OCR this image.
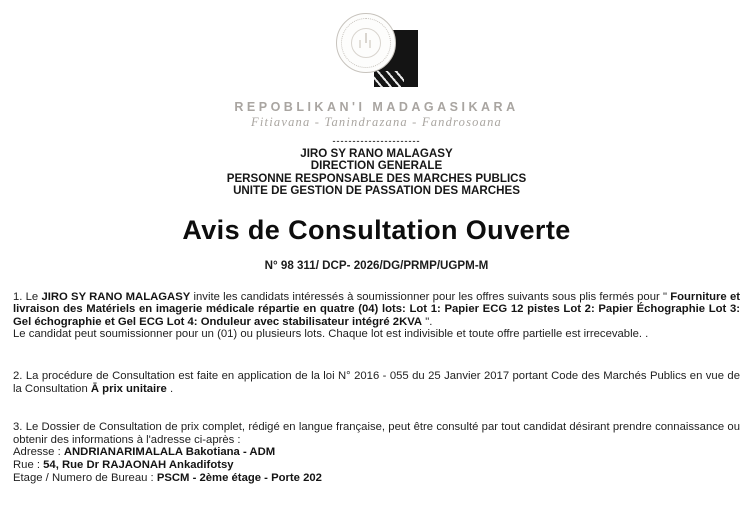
REPOBLIKAN'I MADAGASIKARA
Fitiavana - Tanindrazana - Fandrosoana
----------------------
JIRO SY RANO MALAGASY
DIRECTION GENERALE
PERSONNE RESPONSABLE DES MARCHES PUBLICS
UNITE DE GESTION DE PASSATION DES MARCHES
Avis de Consultation Ouverte
N° 98 311/ DCP- 2026/DG/PRMP/UGPM-M
1. Le JIRO SY RANO MALAGASY invite les candidats intéressés à soumissionner pour les offres suivants sous plis fermés pour " Fourniture et livraison des Matériels en imagerie médicale répartie en quatre (04) lots: Lot 1: Papier ECG 12 pistes Lot 2: Papier Échographie Lot 3: Gel échographie et Gel ECG Lot 4: Onduleur avec stabilisateur intégré 2KVA ".
Le candidat peut soumissionner pour un (01) ou plusieurs lots. Chaque lot est indivisible et toute offre partielle est irrecevable. .
2. La procédure de Consultation est faite en application de la loi N° 2016 - 055 du 25 Janvier 2017 portant Code des Marchés Publics en vue de la Consultation Ā prix unitaire .
3. Le Dossier de Consultation de prix complet, rédigé en langue française, peut être consulté par tout candidat désirant prendre connaissance ou obtenir des informations à l'adresse ci-après :
Adresse : ANDRIANARIMALALA Bakotiana - ADM
Rue : 54, Rue Dr RAJAONAH Ankadifotsy
Etage / Numero de Bureau : PSCM - 2ème étage - Porte 202
